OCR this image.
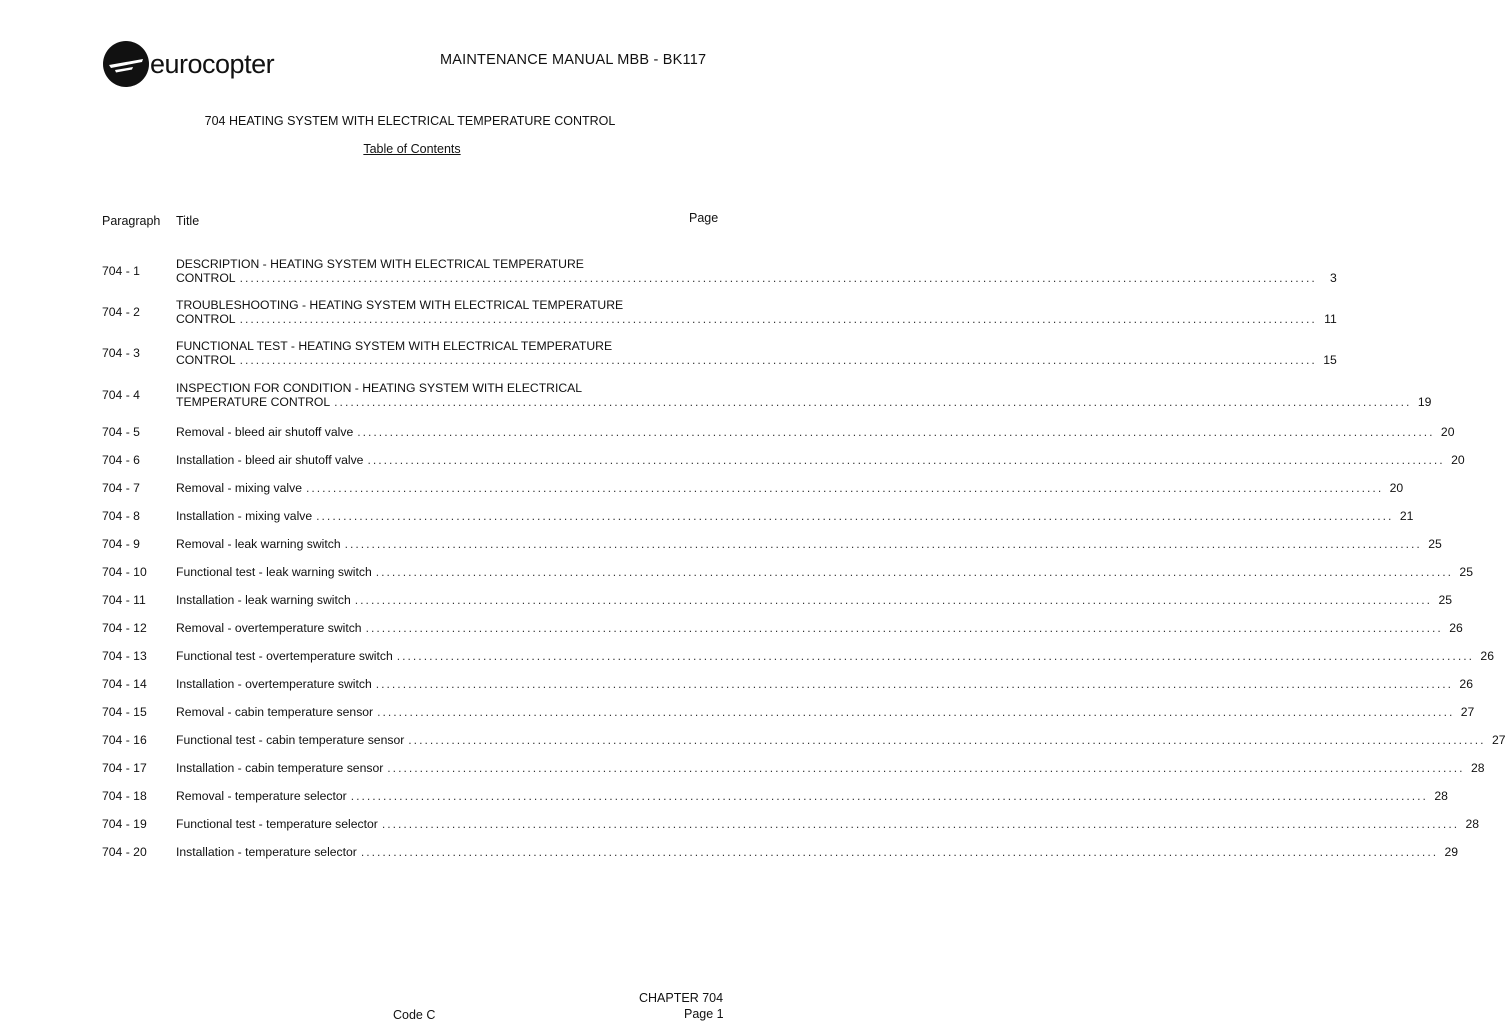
eurocopter	MAINTENANCE MANUAL MBB - BK117
704 HEATING SYSTEM WITH ELECTRICAL TEMPERATURE CONTROL
Table of Contents
Paragraph Title	Page
704 - 1	DESCRIPTION - HEATING SYSTEM WITH ELECTRICAL TEMPERATURE
CONTROL ........................................................................................................................................................................................................	3
704 - 2	TROUBLESHOOTING - HEATING SYSTEM WITH ELECTRICAL TEMPERATURE
CONTROL ........................................................................................................................................................................................................ 11
704 - 3	FUNCTIONAL TEST - HEATING SYSTEM WITH ELECTRICAL TEMPERATURE
CONTROL ........................................................................................................................................................................................................ 15
704 - 4	INSPECTION FOR CONDITION - HEATING SYSTEM WITH ELECTRICAL
TEMPERATURE CONTROL ........................................................................................................................................................................................................ 19
704 - 5	Removal - bleed air shutoff valve ........................................................................................................................................................................................................ 20
704 - 6	Installation - bleed air shutoff valve ........................................................................................................................................................................................................ 20
704 - 7	Removal - mixing valve ........................................................................................................................................................................................................ 20
704 - 8	Installation - mixing valve ........................................................................................................................................................................................................ 21
704 - 9	Removal - leak warning switch ........................................................................................................................................................................................................ 25
704 - 10 Functional test - leak warning switch ........................................................................................................................................................................................................ 25
704 - 11 Installation - leak warning switch ........................................................................................................................................................................................................ 25
704 - 12 Removal - overtemperature switch ........................................................................................................................................................................................................ 26
704 - 13 Functional test - overtemperature switch ........................................................................................................................................................................................................ 26
704 - 14 Installation - overtemperature switch ........................................................................................................................................................................................................ 26
704 - 15 Removal - cabin temperature sensor ........................................................................................................................................................................................................ 27
704 - 16 Functional test - cabin temperature sensor ........................................................................................................................................................................................................ 27
704 - 17 Installation - cabin temperature sensor ........................................................................................................................................................................................................ 28
704 - 18 Removal - temperature selector ........................................................................................................................................................................................................ 28
704 - 19 Functional test - temperature selector ........................................................................................................................................................................................................ 28
704 - 20 Installation - temperature selector ........................................................................................................................................................................................................ 29
Code C
CHAPTER 704
Page 1
